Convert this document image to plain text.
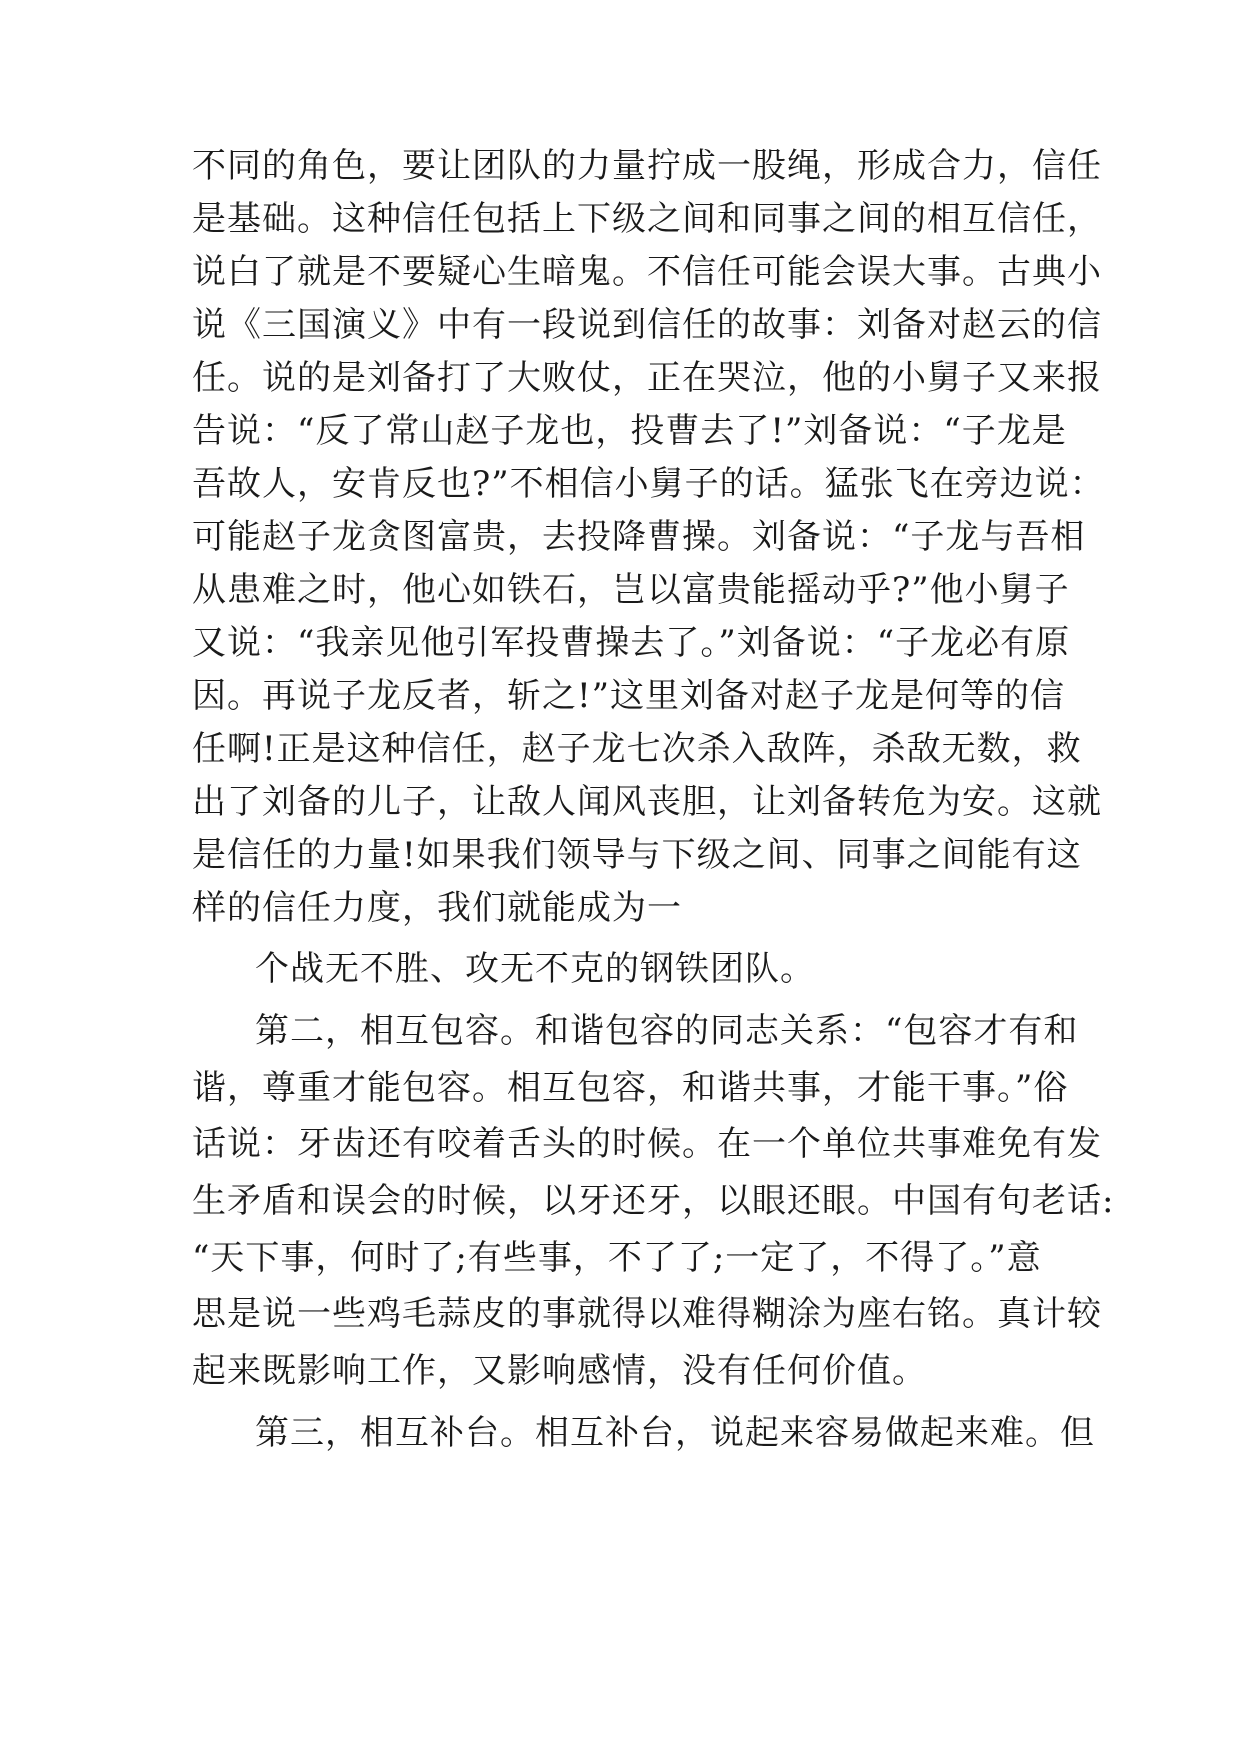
不同的角色，要让团队的力量拧成一股绳，形成合力，信任
是基础。这种信任包括上下级之间和同事之间的相互信任，
说白了就是不要疑心生暗鬼。不信任可能会误大事。古典小
说《三国演义》中有一段说到信任的故事：刘备对赵云的信
任。说的是刘备打了大败仗，正在哭泣，他的小舅子又来报
告说：“反了常山赵子龙也，投曹去了!”刘备说：“子龙是
吾故人，安肯反也?”不相信小舅子的话。猛张飞在旁边说：
可能赵子龙贪图富贵，去投降曹操。刘备说：“子龙与吾相
从患难之时，他心如铁石，岂以富贵能摇动乎?”他小舅子
又说：“我亲见他引军投曹操去了。”刘备说：“子龙必有原
因。再说子龙反者，斩之!”这里刘备对赵子龙是何等的信
任啊!正是这种信任，赵子龙七次杀入敌阵，杀敌无数，救
出了刘备的儿子，让敌人闻风丧胆，让刘备转危为安。这就
是信任的力量!如果我们领导与下级之间、同事之间能有这
样的信任力度，我们就能成为一
个战无不胜、攻无不克的钢铁团队。
第二，相互包容。和谐包容的同志关系：“包容才有和
谐，尊重才能包容。相互包容，和谐共事，才能干事。”俗
话说：牙齿还有咬着舌头的时候。在一个单位共事难免有发
生矛盾和误会的时候，以牙还牙，以眼还眼。中国有句老话:
“天下事，何时了;有些事，不了了;一定了，不得了。”意
思是说一些鸡毛蒜皮的事就得以难得糊涂为座右铭。真计较
起来既影响工作，又影响感情，没有任何价值。
第三，相互补台。相互补台，说起来容易做起来难。但
